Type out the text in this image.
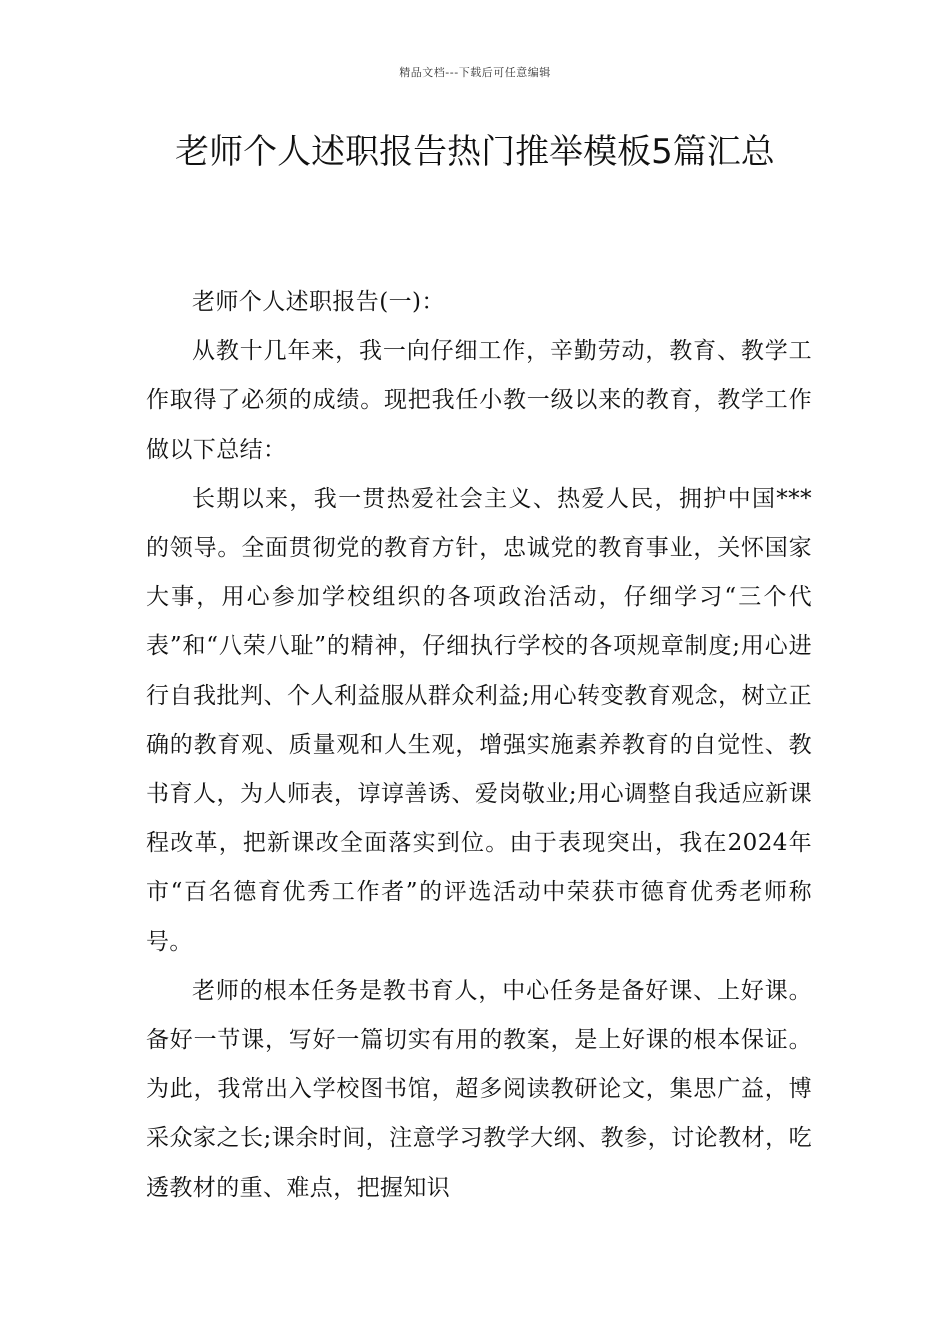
精品文档---下载后可任意编辑
老师个人述职报告热门推举模板5篇汇总

老师个人述职报告(一)：

从教十几年来，我一向仔细工作，辛勤劳动，教育、教学工作取得了必须的成绩。现把我任小教一级以来的教育，教学工作做以下总结：

长期以来，我一贯热爱社会主义、热爱人民，拥护中国***的领导。全面贯彻党的教育方针，忠诚党的教育事业，关怀国家大事，用心参加学校组织的各项政治活动，仔细学习“三个代表”和“八荣八耻”的精神，仔细执行学校的各项规章制度;用心进行自我批判、个人利益服从群众利益;用心转变教育观念，树立正确的教育观、质量观和人生观，增强实施素养教育的自觉性、教书育人，为人师表，谆谆善诱、爱岗敬业;用心调整自我适应新课程改革，把新课改全面落实到位。由于表现突出，我在2024年市“百名德育优秀工作者”的评选活动中荣获市德育优秀老师称号。

老师的根本任务是教书育人，中心任务是备好课、上好课。备好一节课，写好一篇切实有用的教案，是上好课的根本保证。为此，我常出入学校图书馆，超多阅读教研论文，集思广益，博采众家之长;课余时间，注意学习教学大纲、教参，讨论教材，吃透教材的重、难点，把握知识
